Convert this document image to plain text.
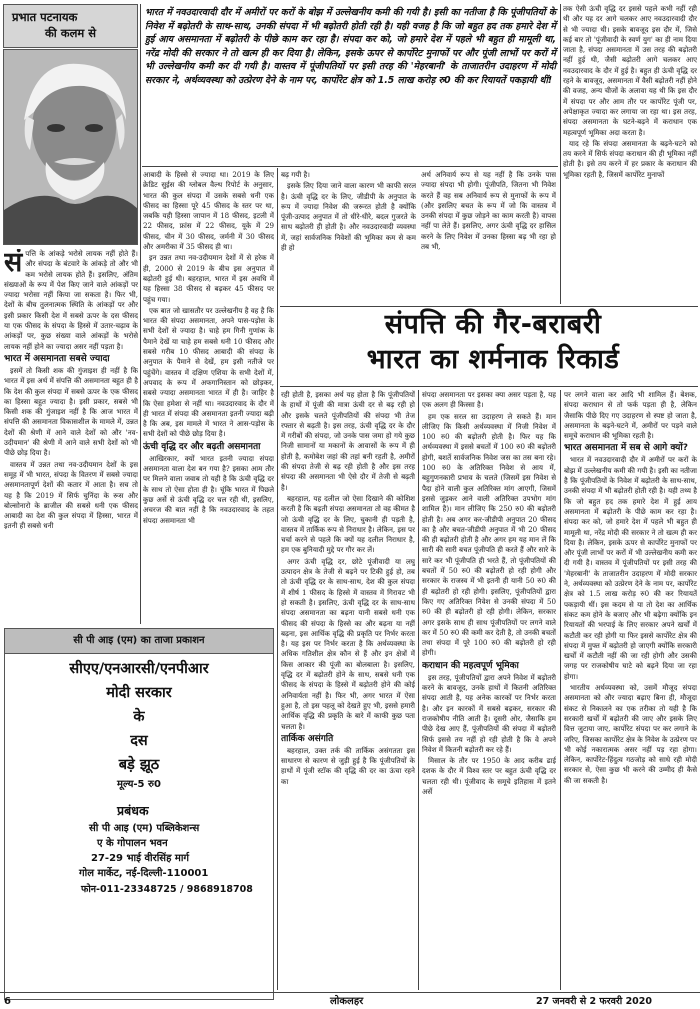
प्रभात पटनायक
की कलम से
भारत में नवउदारवादी दौर में अमीरों पर करों के बोझ में उल्लेखनीय कमी की गयी है। इसी का नतीजा है कि पूंजीपतियों के निवेश में बढ़ोतरी के साथ-साथ, उनकी संपदा में भी बढ़ोतरी होती रही है। यही वजह है कि जो बहुत हद तक हमारे देश में हुई आय असमानता में बढ़ोतरी के पीछे काम कर रहा है। संपदा कर को, जो हमारे देश में पहले भी बहुत ही मामूली था, नरेंद्र मोदी की सरकार ने तो खत्म ही कर दिया है। लेकिन, इसके ऊपर से कार्पोरेट मुनाफों पर और पूंजी लाभों पर करों में भी उल्लेखनीय कमी कर दी गयी है। वास्तव में पूंजीपतियों पर इसी तरह की 'मेहरबानी' के ताजातरीन उदाहरण में मोदी सरकार ने, अर्थव्यवस्था को उत्प्रेरण देने के नाम पर, कार्पोरेट क्षेत्र को 1.5 लाख करोड़ रु0 की कर रियायतें पकड़ायी थीं!

संपत्ति के आंकड़े भरोसे लायक नहीं होते हैं। और संपदा के बंटवारे के आंकड़े तो और भी कम भरोसे लायक होते हैं। इसलिए, अंतिम संख्याओं के रूप में पेश किए जाने वाले आंकड़ों पर ज्यादा भरोसा नहीं किया जा सकता है। फिर भी, देशों के बीच तुलनात्मक स्थिति के आंकड़ों पर और इसी प्रकार किसी देश में सबसे ऊपर के दस फीसद या एक फीसद के संपदा के हिस्से में उतार-चढ़ाव के आंकड़ों पर, कुछ संख्या वाले आंकड़ों के भरोसे लायक नहीं होने का ज्यादा असर नहीं पड़ता है।

भारत में असमानता सबसे ज्यादा

इसमें तो किसी शक की गुंजाइश ही नहीं है कि भारत में इस अर्थ में संपत्ति की असमानता बहुत ही है कि देश की कुल संपदा में सबसे ऊपर के एक फीसद का हिस्सा बहुत ज्यादा है। इसी प्रकार, सबसे भी किसी शक की गुंजाइश नहीं है कि आज भारत में संपत्ति की असमानता विकासशील के मामले में, उन्नत देशों की श्रेणी में आने वाले देशों को और 'नव-उदीयमान' की श्रेणी में आने वाले सभी देशों को भी पीछे छोड़ दिया है।

वास्तव में उन्नत तथा नव-उदीयमान देशों के इस समूह में भी भारत, संपदा के वितरण में सबसे ज्यादा असमानतापूर्ण देशों की कतार में आता है। सच तो यह है कि 2019 में सिर्फ चुनिंदा के रूस और बोल्सोनारो के ब्राजील की सबसे धनी एक फीसद आबादी का देश की कुल संपदा में हिस्सा, भारत में इतनी ही सबसे धनी

आबादी के हिस्से से ज्यादा था। 2019 के लिए क्रेडिट सुईस की ग्लोबल वैल्थ रिपोर्ट के अनुसार, भारत की कुल संपदा में उसके सबसे धनी एक फीसद का हिस्सा पूरे 45 फीसद के स्तर पर था, जबकि यही हिस्सा जापान में 18 फीसद, इटली में 22 फीसद, फ्रांस में 22 फीसद, यूके में 29 फीसद, चीन में 30 फीसद, जर्मनी में 30 फीसद और अमरीका में 35 फीसद ही था।

इन उन्नत तथा नव-उदीयमान देशों में से हरेक में ही, 2000 से 2019 के बीच इस अनुपात में बढ़ोतरी हुई थी। बहरहाल, भारत में इस अवधि में यह हिस्सा 38 फीसद से बढ़कर 45 फीसद पर पहुंच गया।

एक बात जो खासतौर पर उल्लेखनीय है वह है कि भारत की संपदा असमानता, अपने पास-पड़ोस के सभी देशों से ज्यादा है। चाहे हम गिनी गुणांक के पैमाने देखें या चाहे हम सबसे धनी 10 फीसद और सबसे गरीब 10 फीसद आबादी की संपदा के अनुपात के पैमाने से देखें, हम इसी नतीजे पर पहुंचेंगे। वास्तव में दक्षिण एशिया के सभी देशों में, अपवाद के रूप में अफगानिस्तान को छोड़कर, सबसे ज्यादा असमानता भारत में ही है। जाहिर है कि ऐसा हमेशा से नहीं था। नवउदारवाद के दौर में ही भारत में संपदा की असमानता इतनी ज्यादा बढ़ी है कि अब, इस मामले में भारत ने आस-पड़ोस के सभी देशों को पीछे छोड़ दिया है।

ऊंची वृद्धि दर और बढ़ती असमानता

आखिरकार, क्यों भारत इतनी ज्यादा संपदा असमानता वाला देश बन गया है? इसका आम तौर पर मिलने वाला जवाब तो यही है कि ऊंची वृद्धि दर के साथ तो ऐसा होता ही है। चूंकि भारत में पिछले कुछ अर्से से ऊंची वृद्धि दर चल रही थी, इसलिए, अचरज की बात नहीं है कि नवउदारवाद के तहत संपदा असमानता भी

बढ़ गयी है।

इसके लिए दिया जाने वाला कारण भी काफी सरल है। ऊंची वृद्धि दर के लिए, जीडीपी के अनुपात के रूप में ज्यादा निवेश की जरूरत होती है क्योंकि पूंजी-उत्पाद अनुपात में तो धीरे-धीरे, बदल गुजरते के साथ बढ़ोतरी ही होती है। और नवउदारवादी व्यवस्था में, जहां सार्वजनिक निवेशों की भूमिका कम से कम ही हो

अर्थ अनिवार्य रूप से यह नहीं है कि उनके पास ज्यादा संपदा भी होगी। पूंजीपति, जितना भी निवेश करते हैं वह सब अनिवार्य रूप से मुनाफों के रूप में (और इसलिए बचत के रूप में जो कि वास्तव में उनकी संपदा में कुछ जोड़ने का काम करती है) वापस नहीं पा लेते हैं। इसलिए, अगर ऊंची वृद्धि दर हासिल करने के लिए निवेश में उनका हिस्सा बढ़ भी रहा हो तब भी,

तक ऐसी ऊंची वृद्धि दर इससे पहले कभी नहीं रही थी और यह दर आगे चलकर आए नवउदारवादी दौर से भी ज्यादा थी। इसके बावजूद इस दौर में, जिसे कई बार तो 'पूंजीवादी के स्वर्ण युग' का ही नाम दिया जाता है, संपदा असमानता में उस तरह की बढ़ोतरी नहीं हुई थी, जैसी बढ़ोतरी आगे चलकर आए नवउदारवाद के दौर में हुई है। बहुत ही ऊंची वृद्धि दर रहने के बावजूद, असमानता में वैसी बढ़ोतरी नहीं होने की वजह, अन्य चीजों के अलावा यह थी कि इस दौर में संपदा पर और आम तौर पर कार्पोरेट पूंजी पर, अपेक्षाकृत ज्यादा कर लगाया जा रहा था। इस तरह, संपदा असमानता के घटने-बढ़ने में कराधान एक महत्वपूर्ण भूमिका अदा करता है।

याद रहे कि संपदा असमानता के बढ़ने-घटने को तय करने में सिर्फ संपदा कराधान की ही भूमिका नहीं होती है। इसे तय करने में हर प्रकार के कराधान की भूमिका रहती है, जिसमें कार्पोरेट मुनाफों

संपत्ति की गैर-बराबरी
भारत का शर्मनाक रिकार्ड

रही होती है, इसका अर्थ यह होता है कि पूंजीपतियों के हाथों में पूंजी की मात्रा ऊंची दर से बढ़ रही हो और इसके चलते पूंजीपतियों की संपदा भी तेज रफ्तार से बढ़ती है। इस तरह, ऊंची वृद्धि दर के दौर में गरीबों की संपदा, जो उनके पास जमा हो गये कुछ निजी सामानों या मकानों के आवासों के रूप में ही होती है, कमोबेश जहां की तहां बनी रहती है, अमीरों की संपदा तेजी से बढ़ रही होती है और इस तरह संपदा की असमानता भी ऐसे दौर में तेजी से बढ़ती है।

बहरहाल, यह दलील जो ऐसा दिखाने की कोशिश करती है कि बढ़ती संपदा असमानता तो वह कीमत है जो ऊंची वृद्धि दर के लिए, चुकानी ही पड़ती है, वास्तव में तार्किक रूप से निराधार है। लेकिन, इस पर चर्चा करने से पहले कि क्यों यह दलील निराधार है, हम एक बुनियादी मुद्दे पर गौर कर लें।

अगर ऊंची वृद्धि दर, छोटे पूंजीवादी या लघु उत्पादन क्षेत्र के तेजी से बढ़ने पर टिकी हुई हो, तब तो ऊंची वृद्धि दर के साथ-साथ, देश की कुल संपदा में शीर्ष 1 फीसद के हिस्से में वास्तव में गिरावट भी हो सकती है। इसलिए, ऊंची वृद्धि दर के साथ-साथ संपदा असमानता का बढ़ना यानी सबसे धनी एक फीसद की संपदा के हिस्से का और बढ़ना या नहीं बढ़ना, इस आर्थिक वृद्धि की प्रकृति पर निर्भर करता है। यह इस पर निर्भर करता है कि अर्थव्यवस्था के अधिक गतिशील क्षेत्र कौन से हैं और इन क्षेत्रों में किस आकार की पूंजी का बोलबाला है। इसलिए, वृद्धि दर में बढ़ोतरी होने के साथ, सबसे धनी एक फीसद के संपदा के हिस्से में बढ़ोतरी होने की कोई अनिवार्यता नहीं है। फिर भी, अगर भारत में ऐसा हुआ है, तो इस पहलू को देखते हुए भी, इससे हमारी आर्थिक वृद्धि की प्रकृति के बारे में काफी कुछ पता चलता है।

तार्किक असंगति

बहरहाल, उक्त तर्क की तार्किक असंगतता इस साधारण से कारण से जुड़ी हुई है कि पूंजीपतियों के हाथों में पूंजी स्टॉक की वृद्धि की दर का ऊंचा रहने का

संपदा असमानता पर इसका क्या असर पड़ता है, यह एक अलग ही किस्सा है।

हम एक सरल सा उदाहरण ले सकते हैं। मान लीजिए कि किसी अर्थव्यवस्था में निजी निवेश में 100 रु0 की बढ़ोतरी होती है। फिर यह कि अर्थव्यवस्था में इससे बचतों में 100 रु0 की बढ़ोतरी होगी, बशर्ते सार्वजनिक निवेश जस का तस बना रहे। 100 रु0 के अतिरिक्त निवेश से आय में, बहुगुणनकारी प्रभाव के चलते (जिसमें इस निवेश से पैदा होने वाली कुल अतिरिक्त मांग आएगी, जिसमें इससे जुड़कर आने वाली अतिरिक्त उपभोग मांग शामिल है)। मान लीजिए कि 250 रु0 की बढ़ोतरी होती है। अब अगर कर-जीडीपी अनुपात 20 फीसद का है और बचत-जीडीपी अनुपात में भी 20 फीसद की ही बढ़ोतरी होती है और अगर हम यह मान लें कि सारी की सारी बचत पूंजीपति ही करते हैं और सारे के सारे कर भी पूंजीपति ही भरते हैं, तो पूंजीपतियों की बचतों में 50 रु0 की बढ़ोतरी हो रही होगी और सरकार के राजस्व में भी इतनी ही यानी 50 रु0 की ही बढ़ोतरी हो रही होगी। इसलिए, पूंजीपतियों द्वारा किए गए अतिरिक्त निवेश से उनकी संपदा में 50 रु0 की ही बढ़ोतरी हो रही होगी। लेकिन, सरकार अगर इसके साथ ही साथ पूंजीपतियों पर लगने वाले कर में 50 रु0 की कमी कर देती है, तो उनकी बचतों तथा संपदा में पूरे 100 रु0 की बढ़ोतरी हो रही होगी।

कराधान की महत्वपूर्ण भूमिका

इस तरह, पूंजीपतियों द्वारा अपने निवेश में बढ़ोतरी करने के बावजूद, उनके हाथों में कितनी अतिरिक्त संपदा आती है, यह अनेक कारकों पर निर्भर करता है। और इन कारकों में सबसे बढ़कर, सरकार की राजकोषीय नीति आती है। दूसरी ओर, जैसाकि हम पीछे देख आए हैं, पूंजीपतियों की संपदा में बढ़ोतरी सिर्फ इससे तय नहीं हो रही होती है कि वे अपने निवेश में कितनी बढ़ोतरी कर रहे हैं।

मिसाल के तौर पर 1950 के आद करीब ढाई दशक के दौर में विश्व स्तर पर बहुत ऊंची वृद्धि दर चलता रही थी। पूंजीवाद के समूचे इतिहास में इतने अर्से

पर लगने वाला कर आदि भी शामिल हैं। बेशक, संपदा कराधान से तो फर्क पड़ता ही है, लेकिन जैसाकि पीछे दिए गए उदाहरण से स्पष्ट हो जाता है, असमानता के बढ़ने-घटने में, अमीरों पर पड़ने वाले समूचे कराधान की भूमिका रहती है।

भारत असमानता में सब से आगे क्यों?

भारत में नवउदारवादी दौर में अमीरों पर करों के बोझ में उल्लेखनीय कमी की गयी है। इसी का नतीजा है कि पूंजीपतियों के निवेश में बढ़ोतरी के साथ-साथ, उनकी संपदा में भी बढ़ोतरी होती रही है। यही तथ्य है कि जो बहुत हद तक हमारे देश में हुई आय असमानता में बढ़ोतरी के पीछे काम कर रहा है। संपदा कर को, जो हमारे देश में पहले भी बहुत ही मामूली था, नरेंद्र मोदी की सरकार ने तो खत्म ही कर दिया है। लेकिन, इसके ऊपर से कार्पोरेट मुनाफों पर और पूंजी लाभों पर करों में भी उल्लेखनीय कमी कर दी गयी है। वास्तव में पूंजीपतियों पर इसी तरह की 'मेहरबानी' के ताजातरीन उदाहरण में मोदी सरकार ने, अर्थव्यवस्था को उत्प्रेरण देने के नाम पर, कार्पोरेट क्षेत्र को 1.5 लाख करोड़ रु0 की कर रियायतें पकड़ायी थीं। इस कदम से या तो देश का आर्थिक संकट कम होने के बजाए और भी बढ़ेगा क्योंकि इन रियायतों की भरपाई के लिए सरकार अपने खर्चों में कटौती कर रही होगी या फिर इससे कार्पोरेट क्षेत्र की संपदा में मुफ्त में बढ़ोतरी हो जाएगी क्योंकि सरकारी खर्चों में कटौती नहीं की जा रही होगी और उसकी जगह पर राजकोषीय घाटे को बढ़ने दिया जा रहा होगा।

भारतीय अर्थव्यवस्था को, उसमें मौजूद संपदा असमानता को और ज्यादा बढ़ाए बिना ही, मौजूदा संकट से निकालने का एक तरीका तो यही है कि सरकारी खर्चों में बढ़ोतरी की जाए और इसके लिए वित्त जुटाया जाए, कार्पोरेट संपदा पर कर लगाने के जरिए, जिसका कार्पोरेट क्षेत्र के निवेश के उत्प्रेरण पर भी कोई नकारात्मक असर नहीं पड़ रहा होगा। लेकिन, कार्पोरेट-हिंदुत्व गठजोड़ को साधे रही मोदी सरकार से, ऐसा कुछ भी करने की उम्मीद ही कैसे की जा सकती है।

सी पी आइ (एम) का ताजा प्रकाशन
सीएए/एनआरसी/एनपीआर
मोदी सरकार
के
दस
बड़े झूठ
मूल्य-5 रु0
प्रबंधक
सी पी आइ (एम) पब्लिकेशन्स
ए के गोपालन भवन
27-29 भाई वीरसिंह मार्ग
गोल मार्केट, नई-दिल्ली-110001
फोन-011-23348725 / 9868918708
6	लोकलहर	27 जनवरी से 2 फरवरी 2020
